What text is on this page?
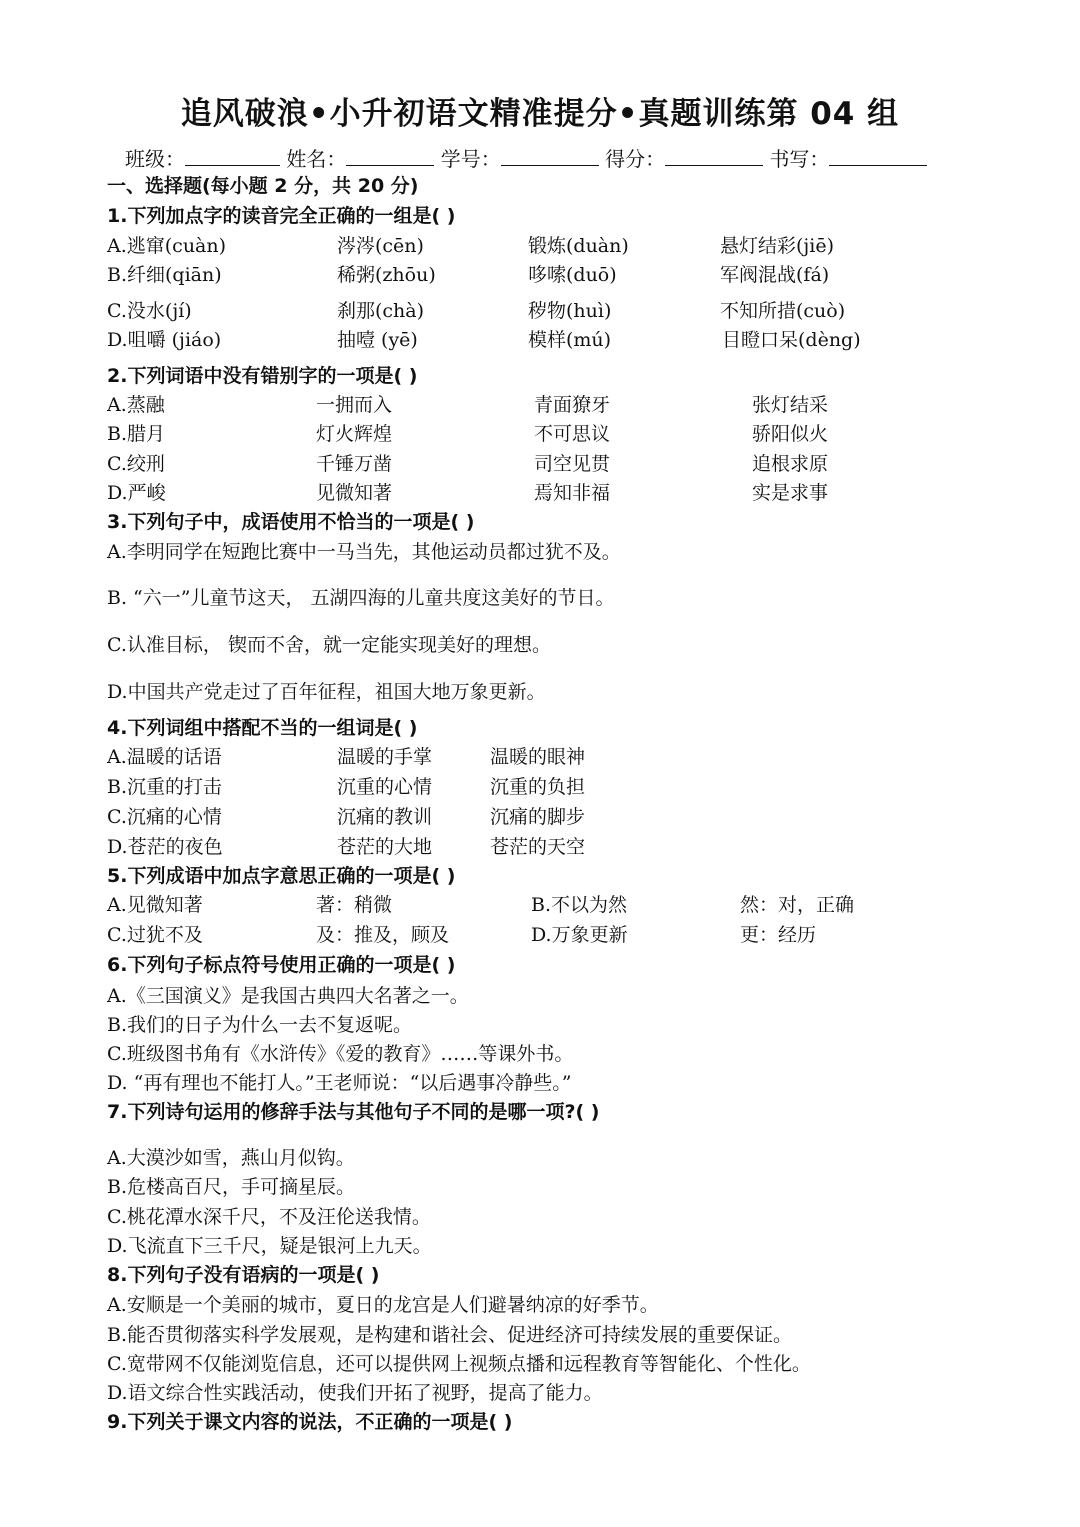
追风破浪•小升初语文精准提分•真题训练第 04 组
班级：	姓名：	学号：	得分：	书写：
一、选择题(每小题 2 分，共 20 分)
1.下列加点字的读音完全正确的一组是( )
A.逃窜(cuàn)	涔涔(cēn)	锻炼(duàn)	悬灯结彩(jiē)
B.纤细(qiān)	稀粥(zhōu)	哆嗦(duō)	军阀混战(fá)
C.没水(jí)	刹那(chà)	秽物(huì)	不知所措(cuò)
D.咀嚼 (jiáo)	抽噎 (yē)	模样(mú)	目瞪口呆(dèng)
2.下列词语中没有错别字的一项是( )
A.蒸融	一拥而入	青面獠牙	张灯结采
B.腊月	灯火辉煌	不可思议	骄阳似火
C.绞刑	千锤万凿	司空见贯	追根求原
D.严峻	见微知著	焉知非福	实是求事
3.下列句子中，成语使用不恰当的一项是( )
A.李明同学在短跑比赛中一马当先，其他运动员都过犹不及。
B. “六一”儿童节这天， 五湖四海的儿童共度这美好的节日。
C.认准目标， 锲而不舍，就一定能实现美好的理想。
D.中国共产党走过了百年征程，祖国大地万象更新。
4.下列词组中搭配不当的一组词是( )
A.温暖的话语	温暖的手掌	温暖的眼神
B.沉重的打击	沉重的心情	沉重的负担
C.沉痛的心情	沉痛的教训	沉痛的脚步
D.苍茫的夜色	苍茫的大地	苍茫的天空
5.下列成语中加点字意思正确的一项是( )
A.见微知著	著：稍微	B.不以为然	然：对，正确
C.过犹不及	及：推及，顾及	D.万象更新	更：经历
6.下列句子标点符号使用正确的一项是( )
A.《三国演义》是我国古典四大名著之一。
B.我们的日子为什么一去不复返呢。
C.班级图书角有《水浒传》《爱的教育》……等课外书。
D. “再有理也不能打人。”王老师说：“以后遇事冷静些。”
7.下列诗句运用的修辞手法与其他句子不同的是哪一项?( )
A.大漠沙如雪，燕山月似钩。
B.危楼高百尺，手可摘星辰。
C.桃花潭水深千尺，不及汪伦送我情。
D.飞流直下三千尺，疑是银河上九天。
8.下列句子没有语病的一项是( )
A.安顺是一个美丽的城市，夏日的龙宫是人们避暑纳凉的好季节。
B.能否贯彻落实科学发展观，是构建和谐社会、促进经济可持续发展的重要保证。
C.宽带网不仅能浏览信息，还可以提供网上视频点播和远程教育等智能化、个性化。
D.语文综合性实践活动，使我们开拓了视野，提高了能力。
9.下列关于课文内容的说法，不正确的一项是( )
